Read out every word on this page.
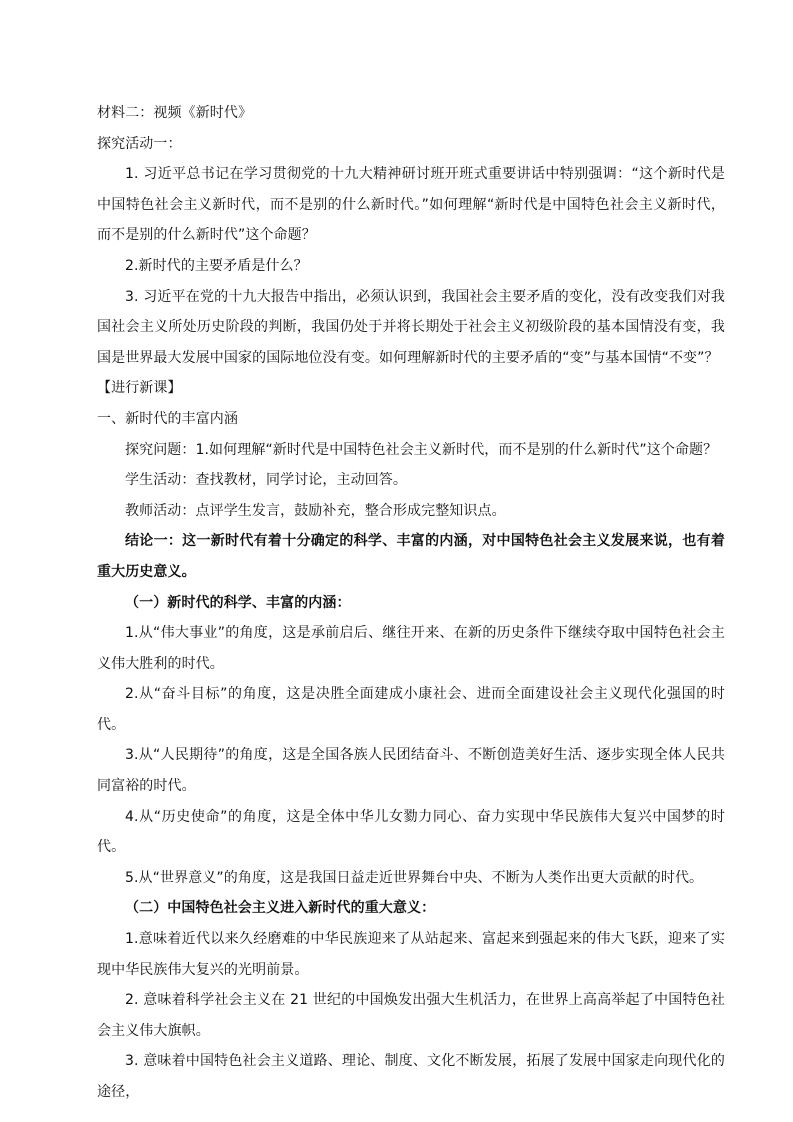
材料二：视频《新时代》

探究活动一：

1. 习近平总书记在学习贯彻党的十九大精神研讨班开班式重要讲话中特别强调：“这个新时代是中国特色社会主义新时代，而不是别的什么新时代。”如何理解“新时代是中国特色社会主义新时代，而不是别的什么新时代”这个命题？

2.新时代的主要矛盾是什么？

3. 习近平在党的十九大报告中指出，必须认识到，我国社会主要矛盾的变化，没有改变我们对我国社会主义所处历史阶段的判断，我国仍处于并将长期处于社会主义初级阶段的基本国情没有变，我国是世界最大发展中国家的国际地位没有变。如何理解新时代的主要矛盾的“变”与基本国情“不变”？

【进行新课】

一、新时代的丰富内涵

探究问题：1.如何理解“新时代是中国特色社会主义新时代，而不是别的什么新时代”这个命题？

学生活动：查找教材，同学讨论，主动回答。

教师活动：点评学生发言，鼓励补充，整合形成完整知识点。

结论一：这一新时代有着十分确定的科学、丰富的内涵，对中国特色社会主义发展来说，也有着重大历史意义。

（一）新时代的科学、丰富的内涵：

1.从“伟大事业”的角度，这是承前启后、继往开来、在新的历史条件下继续夺取中国特色社会主义伟大胜利的时代。

2.从“奋斗目标”的角度，这是决胜全面建成小康社会、进而全面建设社会主义现代化强国的时代。

3.从“人民期待”的角度，这是全国各族人民团结奋斗、不断创造美好生活、逐步实现全体人民共同富裕的时代。

4.从“历史使命”的角度，这是全体中华儿女勠力同心、奋力实现中华民族伟大复兴中国梦的时代。

5.从“世界意义”的角度，这是我国日益走近世界舞台中央、不断为人类作出更大贡献的时代。

（二）中国特色社会主义进入新时代的重大意义：

1.意味着近代以来久经磨难的中华民族迎来了从站起来、富起来到强起来的伟大飞跃，迎来了实现中华民族伟大复兴的光明前景。

2. 意味着科学社会主义在 21 世纪的中国焕发出强大生机活力，在世界上高高举起了中国特色社会主义伟大旗帜。

3. 意味着中国特色社会主义道路、理论、制度、文化不断发展，拓展了发展中国家走向现代化的途径，
